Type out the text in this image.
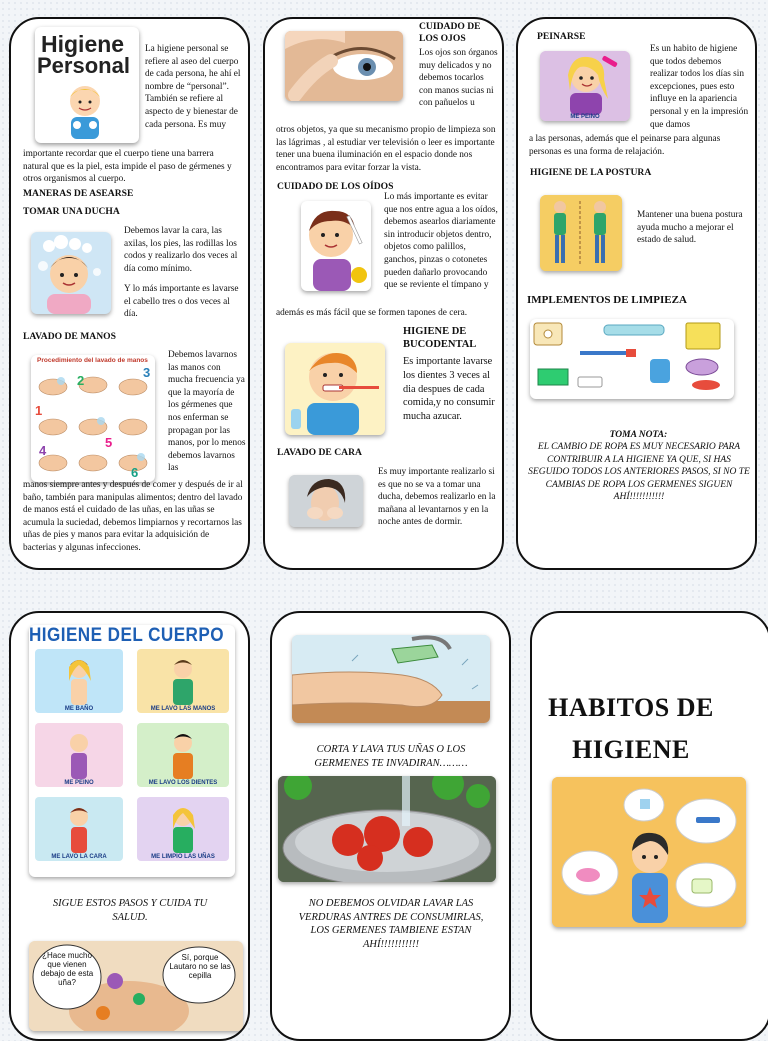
Higiene
Personal
La higiene personal se refiere al aseo del cuerpo de cada persona, he ahí el nombre de “personal”. También se refiere al aspecto de y bienestar de cada persona. Es muy
importante recordar que el cuerpo tiene una barrera natural que es la piel, esta impide el paso de gérmenes y otros organismos al cuerpo.
MANERAS DE ASEARSE
TOMAR UNA DUCHA
Debemos lavar la cara, las axilas, los pies, las rodillas los codos y realizarlo dos veces al día como mínimo.
Y lo más importante es lavarse el cabello tres o dos veces al día.
LAVADO DE MANOS
Procedimiento del lavado de manos
1
2
3
4
5
6
Debemos lavarnos las manos con mucha frecuencia ya que la mayoría de los gérmenes que nos enferman se propagan por las manos, por lo menos debemos lavarnos las
manos siempre antes y después de comer y después de ir al baño, también para manipulas alimentos; dentro del lavado de manos está el cuidado de las uñas, en las uñas se acumula la suciedad, debemos limpiarnos y recortarnos las uñas de pies y manos para evitar la adquisición de bacterias y algunas infecciones.
CUIDADO DE LOS OJOS
Los ojos son órganos muy delicados y no debemos tocarlos con manos sucias ni con pañuelos u
otros objetos, ya que su mecanismo propio de limpieza son las lágrimas , al estudiar ver televisión o leer es importante tener una buena iluminación en el espacio donde nos encontramos para evitar forzar la vista.
CUIDADO DE LOS OÍDOS
Lo más importante es evitar que nos entre agua a los oídos, debemos asearlos diariamente sin introducir objetos dentro, objetos como palillos, ganchos, pinzas o cotonetes pueden dañarlo provocando que se reviente el tímpano y
además es más fácil que se formen tapones de cera.
HIGIENE DE BUCODENTAL
Es importante lavarse los dientes 3 veces al dia despues de cada comida,y no consumir mucha azucar.
LAVADO DE CARA
Es muy importante realizarlo si es que no se va a tomar una ducha, debemos realizarlo en la mañana al levantarnos y en la noche antes de dormir.
PEINARSE
ME PEINO
Es un habito de higiene que todos debemos realizar todos los días sin excepciones, pues esto influye en la apariencia personal y en la impresión que damos
a las personas, además que el peinarse para algunas personas es una forma de relajación.
HIGIENE DE LA POSTURA
Mantener una buena postura ayuda mucho a mejorar el estado de salud.
IMPLEMENTOS DE LIMPIEZA
TOMA NOTA:
EL CAMBIO DE ROPA ES MUY NECESARIO PARA CONTRIBUIR A LA HIGIENE YA QUE, SI HAS SEGUIDO TODOS LOS ANTERIORES PASOS, SI NO TE CAMBIAS DE ROPA LOS GERMENES SIGUEN AHÍ!!!!!!!!!!!
HIGIENE DEL CUERPO
ME BAÑO	ME LAVO LAS MANOS
ME PEINO	ME LAVO LOS DIENTES
ME LAVO LA CARA	ME LIMPIO LAS UÑAS
SIGUE ESTOS PASOS Y CUIDA TU SALUD.
¿Hace mucho que vienen debajo de esta uña?
Sí, porque Lautaro no se las cepilla
CORTA Y LAVA TUS UÑAS O LOS GERMENES TE INVADIRAN………
NO DEBEMOS OLVIDAR LAVAR LAS VERDURAS ANTRES DE CONSUMIRLAS, LOS GERMENES TAMBIENE ESTAN AHÍ!!!!!!!!!!!
HABITOS DE
HIGIENE
